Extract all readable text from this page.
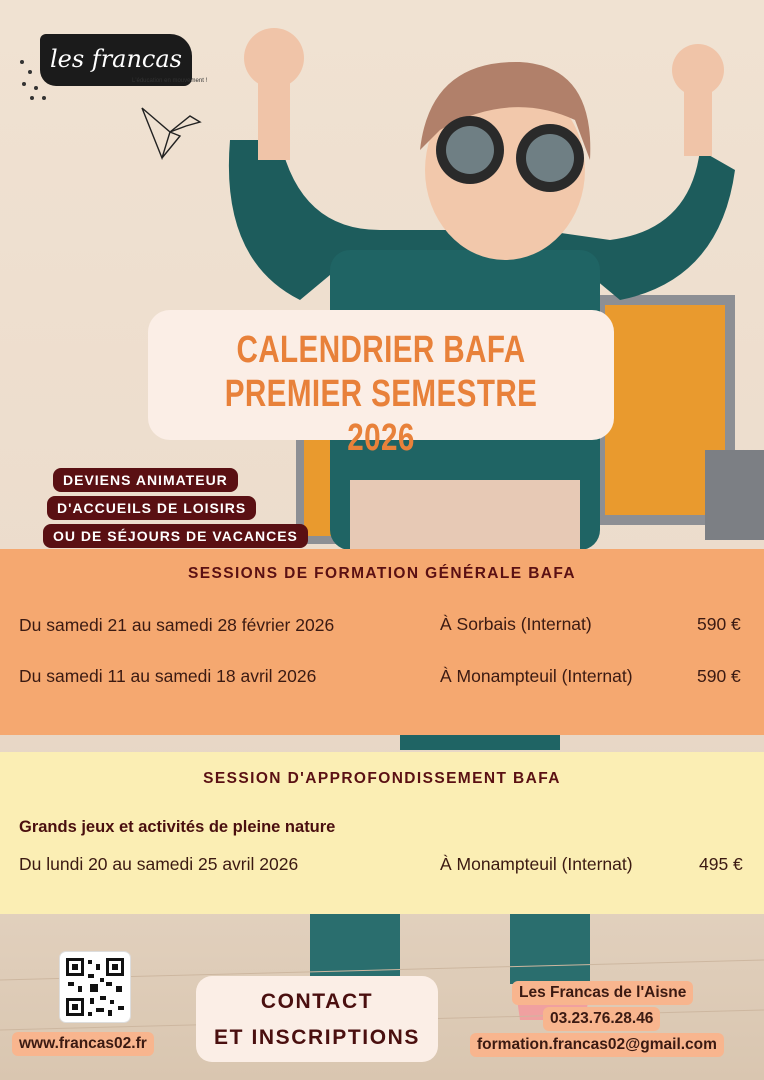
les francas
L'éducation en mouvement !
CALENDRIER BAFA
PREMIER SEMESTRE 2026
DEVIENS ANIMATEUR
D'ACCUEILS DE LOISIRS
OU DE SÉJOURS DE VACANCES
SESSIONS DE FORMATION GÉNÉRALE BAFA
Du samedi 21 au samedi 28 février 2026	À Sorbais (Internat)	590 €
Du samedi 11 au samedi 18 avril 2026	À Monampteuil (Internat)	590 €
SESSION D'APPROFONDISSEMENT BAFA
Grands jeux et activités de pleine nature
Du lundi 20 au samedi 25 avril 2026	À Monampteuil (Internat)	495 €
www.francas02.fr
CONTACT
ET INSCRIPTIONS
Les Francas de l'Aisne
03.23.76.28.46
formation.francas02@gmail.com
